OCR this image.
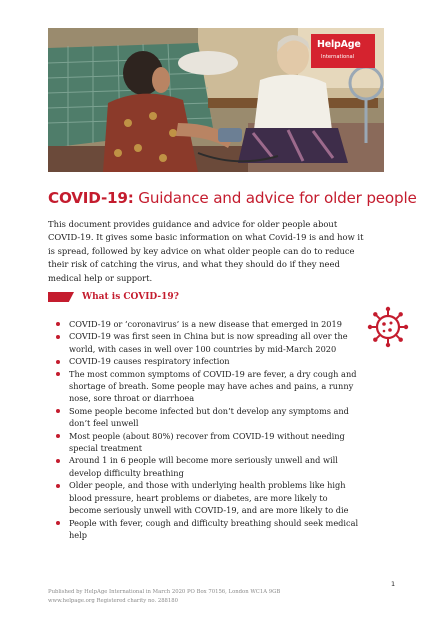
HelpAge
International
COVID-19: Guidance and advice for older people

This document provides guidance and advice for older people about COVID-19. It gives some basic information on what Covid-19 is and how it is spread, followed by key advice on what older people can do to reduce their risk of catching the virus, and what they should do if they need medical help or support.

What is COVID-19?
COVID-19 or ‘coronavirus’ is a new disease that emerged in 2019
COVID-19 was first seen in China but is now spreading all over the world, with cases in well over 100 countries by mid-March 2020
COVID-19 causes respiratory infection
The most common symptoms of COVID-19 are fever, a dry cough and shortage of breath. Some people may have aches and pains, a runny nose, sore throat or diarrhoea
Some people become infected but don’t develop any symptoms and don’t feel unwell
Most people (about 80%) recover from COVID-19 without needing special treatment
Around 1 in 6 people will become more seriously unwell and will develop difficulty breathing
Older people, and those with underlying health problems like high blood pressure, heart problems or diabetes, are more likely to become seriously unwell with COVID-19, and are more likely to die
People with fever, cough and difficulty breathing should seek medical help

1

Published by HelpAge International in March 2020 PO Box 70156, London WC1A 9GB
www.helpage.org Registered charity no. 288180
